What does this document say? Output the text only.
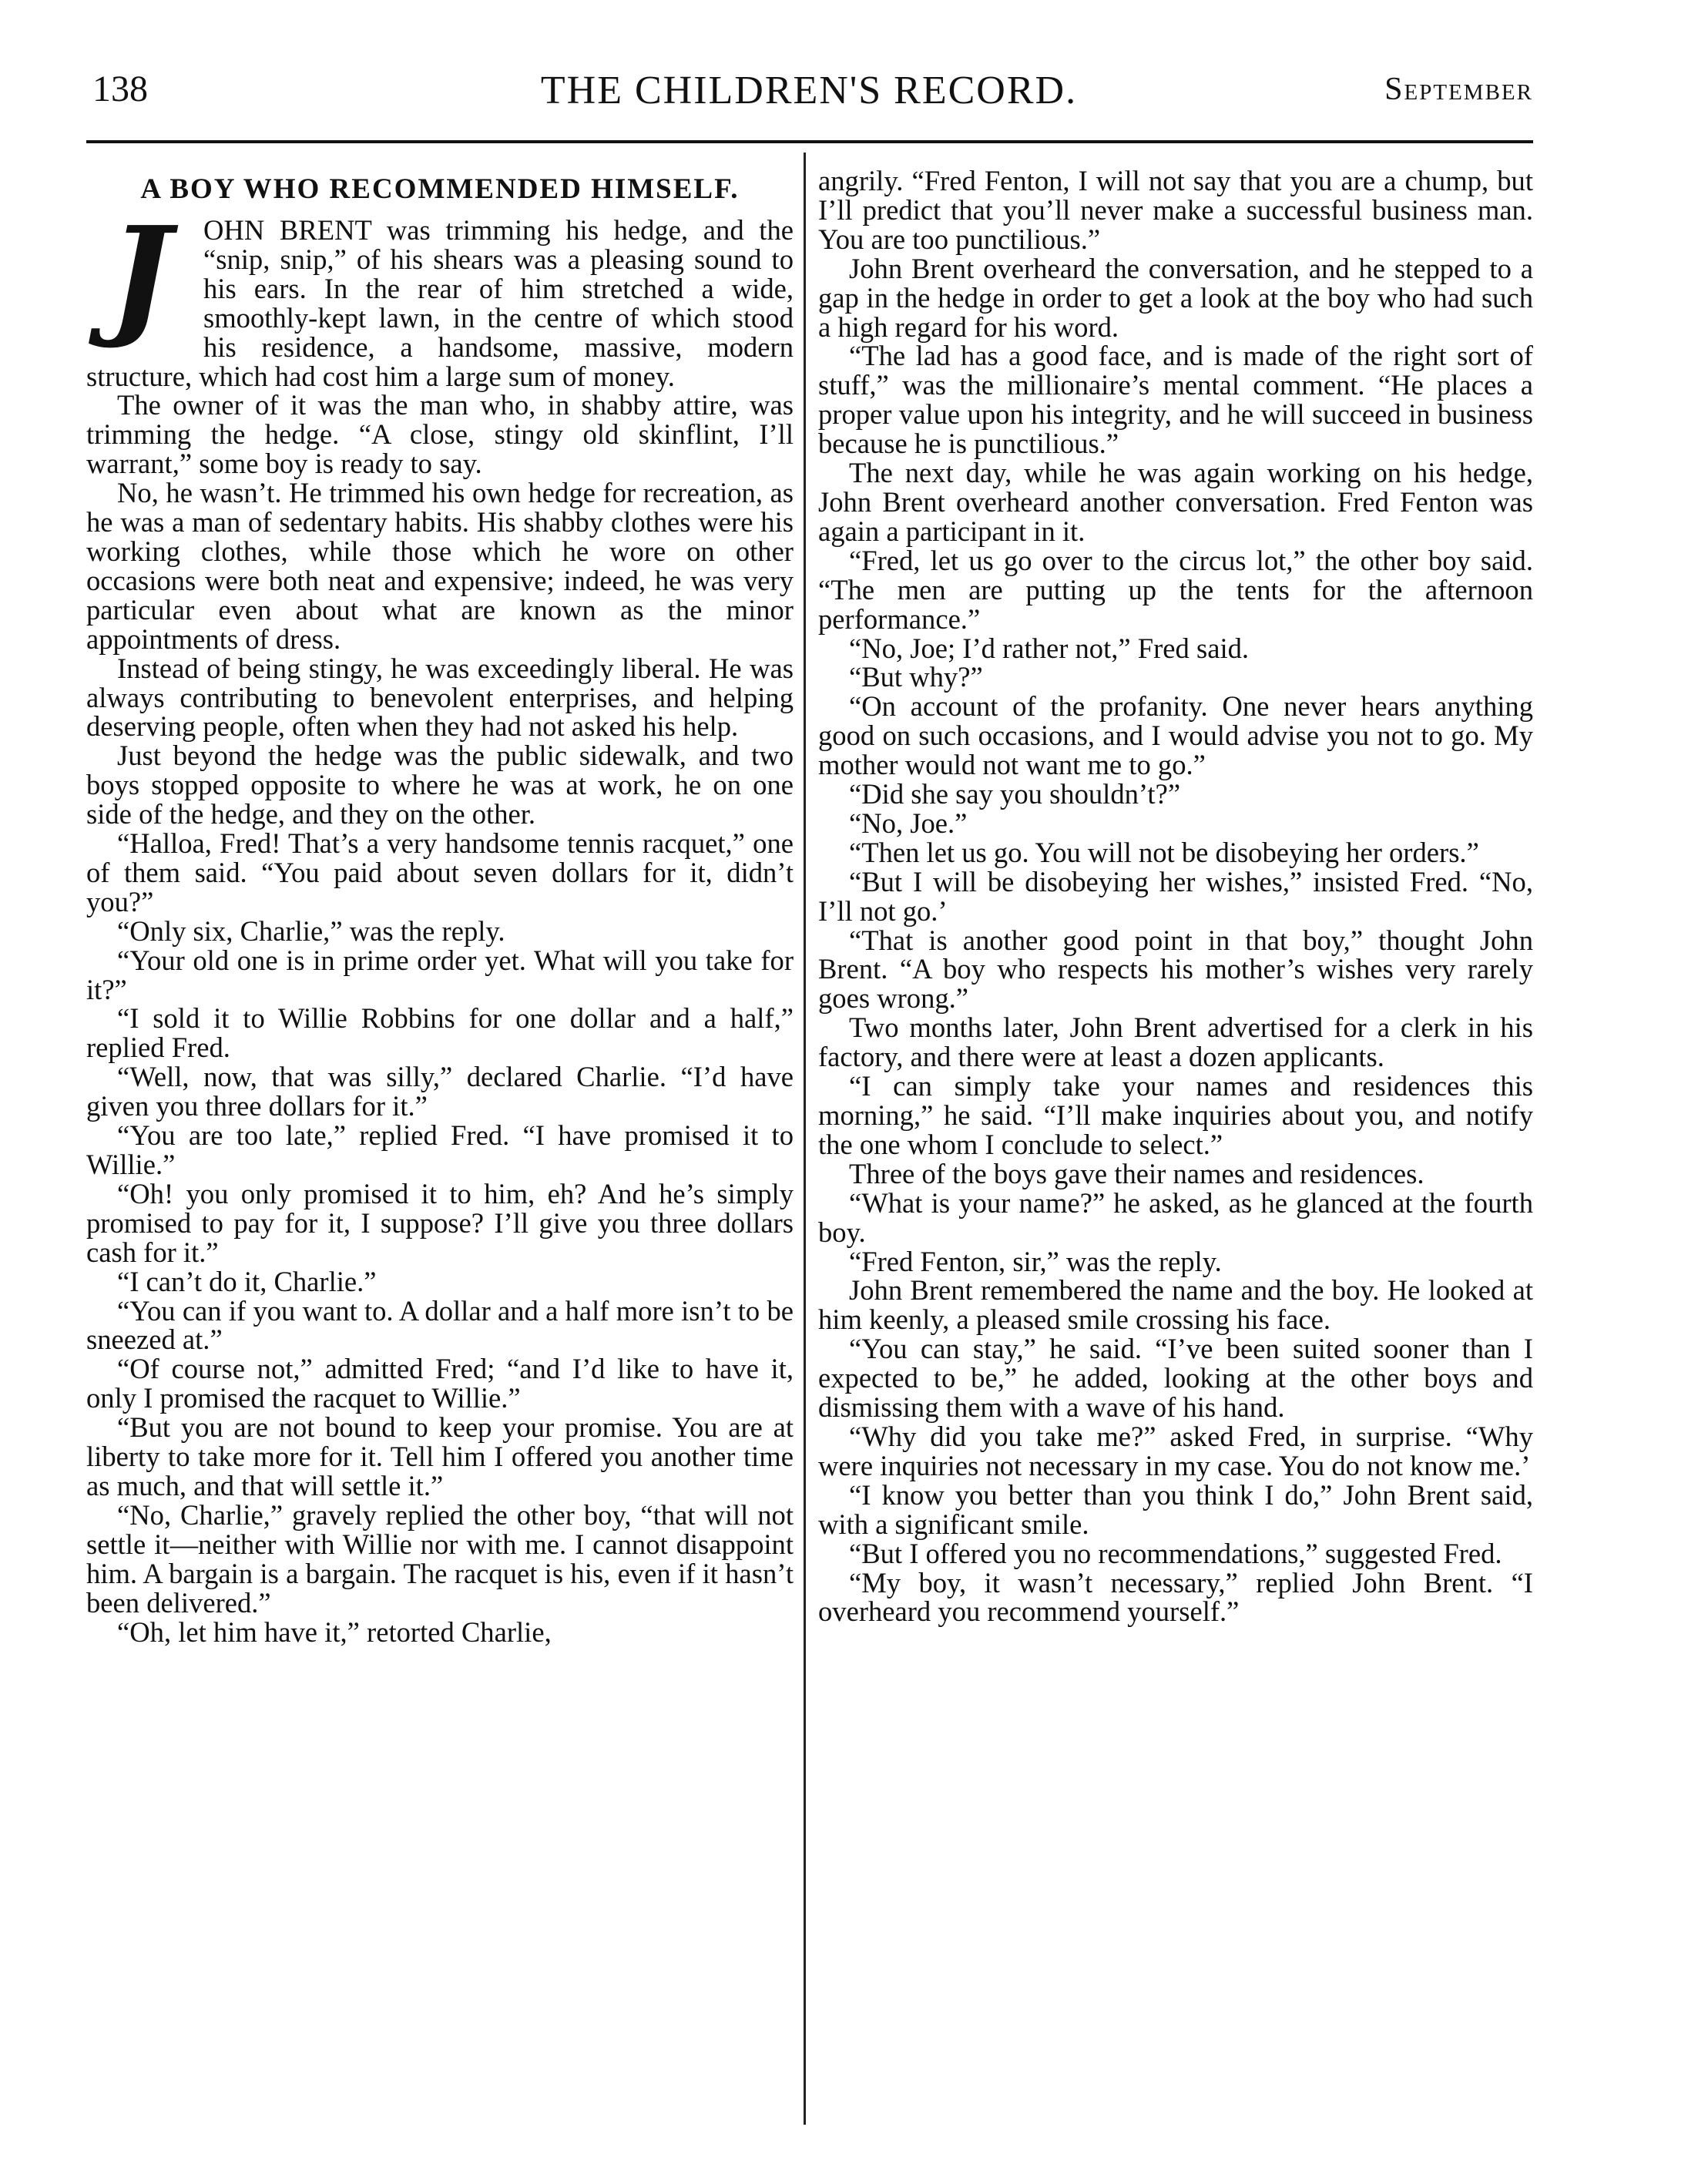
138	THE CHILDREN'S RECORD.	September
A BOY WHO RECOMMENDED HIMSELF.
J	OHN BRENT was trimming his hedge, and the “snip, snip,” of his shears was a pleasing sound to his ears. In the rear of him stretched a wide, smoothly-kept lawn, in the centre of which stood his residence, a handsome, massive, modern structure, which had cost him a large sum of money.

The owner of it was the man who, in shabby attire, was trimming the hedge. “A close, stingy old skinflint, I’ll warrant,” some boy is ready to say.

No, he wasn’t. He trimmed his own hedge for recreation, as he was a man of sedentary habits. His shabby clothes were his working clothes, while those which he wore on other occasions were both neat and expensive; indeed, he was very particular even about what are known as the minor appointments of dress.

Instead of being stingy, he was exceedingly liberal. He was always contributing to benevolent enterprises, and helping deserving people, often when they had not asked his help.

Just beyond the hedge was the public sidewalk, and two boys stopped opposite to where he was at work, he on one side of the hedge, and they on the other.

“Halloa, Fred! That’s a very handsome tennis racquet,” one of them said. “You paid about seven dollars for it, didn’t you?”

“Only six, Charlie,” was the reply.

“Your old one is in prime order yet. What will you take for it?”

“I sold it to Willie Robbins for one dollar and a half,” replied Fred.

“Well, now, that was silly,” declared Charlie. “I’d have given you three dollars for it.”

“You are too late,” replied Fred. “I have promised it to Willie.”

“Oh! you only promised it to him, eh? And he’s simply promised to pay for it, I suppose? I’ll give you three dollars cash for it.”

“I can’t do it, Charlie.”

“You can if you want to. A dollar and a half more isn’t to be sneezed at.”

“Of course not,” admitted Fred; “and I’d like to have it, only I promised the racquet to Willie.”

“But you are not bound to keep your promise. You are at liberty to take more for it. Tell him I offered you another time as much, and that will settle it.”

“No, Charlie,” gravely replied the other boy, “that will not settle it—neither with Willie nor with me. I cannot disappoint him. A bargain is a bargain. The racquet is his, even if it hasn’t been delivered.”

“Oh, let him have it,” retorted Charlie,

angrily. “Fred Fenton, I will not say that you are a chump, but I’ll predict that you’ll never make a successful business man. You are too punctilious.”

John Brent overheard the conversation, and he stepped to a gap in the hedge in order to get a look at the boy who had such a high regard for his word.

“The lad has a good face, and is made of the right sort of stuff,” was the millionaire’s mental comment. “He places a proper value upon his integrity, and he will succeed in business because he is punctilious.”

The next day, while he was again working on his hedge, John Brent overheard another conversation. Fred Fenton was again a participant in it.

“Fred, let us go over to the circus lot,” the other boy said. “The men are putting up the tents for the afternoon performance.”

“No, Joe; I’d rather not,” Fred said.

“But why?”

“On account of the profanity. One never hears anything good on such occasions, and I would advise you not to go. My mother would not want me to go.”

“Did she say you shouldn’t?”

“No, Joe.”

“Then let us go. You will not be disobeying her orders.”

“But I will be disobeying her wishes,” insisted Fred. “No, I’ll not go.’

“That is another good point in that boy,” thought John Brent. “A boy who respects his mother’s wishes very rarely goes wrong.”

Two months later, John Brent advertised for a clerk in his factory, and there were at least a dozen applicants.

“I can simply take your names and residences this morning,” he said. “I’ll make inquiries about you, and notify the one whom I conclude to select.”

Three of the boys gave their names and residences.

“What is your name?” he asked, as he glanced at the fourth boy.

“Fred Fenton, sir,” was the reply.

John Brent remembered the name and the boy. He looked at him keenly, a pleased smile crossing his face.

“You can stay,” he said. “I’ve been suited sooner than I expected to be,” he added, looking at the other boys and dismissing them with a wave of his hand.

“Why did you take me?” asked Fred, in surprise. “Why were inquiries not necessary in my case. You do not know me.’

“I know you better than you think I do,” John Brent said, with a significant smile.

“But I offered you no recommendations,” suggested Fred.

“My boy, it wasn’t necessary,” replied John Brent. “I overheard you recommend yourself.”
